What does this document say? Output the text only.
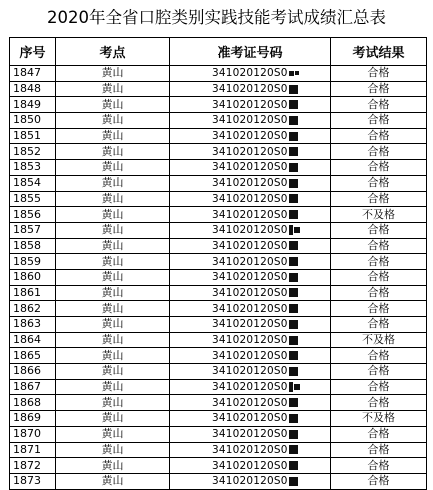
2020年全省口腔类别实践技能考试成绩汇总表
序号	考点	准考证号码	考试结果
1847	黄山	341020120S0	合格
1848	黄山	341020120S0	合格
1849	黄山	341020120S0	合格
1850	黄山	341020120S0	合格
1851	黄山	341020120S0	合格
1852	黄山	341020120S0	合格
1853	黄山	341020120S0	合格
1854	黄山	341020120S0	合格
1855	黄山	341020120S0	合格
1856	黄山	341020120S0	不及格
1857	黄山	341020120S0	合格
1858	黄山	341020120S0	合格
1859	黄山	341020120S0	合格
1860	黄山	341020120S0	合格
1861	黄山	341020120S0	合格
1862	黄山	341020120S0	合格
1863	黄山	341020120S0	合格
1864	黄山	341020120S0	不及格
1865	黄山	341020120S0	合格
1866	黄山	341020120S0	合格
1867	黄山	341020120S0	合格
1868	黄山	341020120S0	合格
1869	黄山	341020120S0	不及格
1870	黄山	341020120S0	合格
1871	黄山	341020120S0	合格
1872	黄山	341020120S0	合格
1873	黄山	341020120S0	合格
